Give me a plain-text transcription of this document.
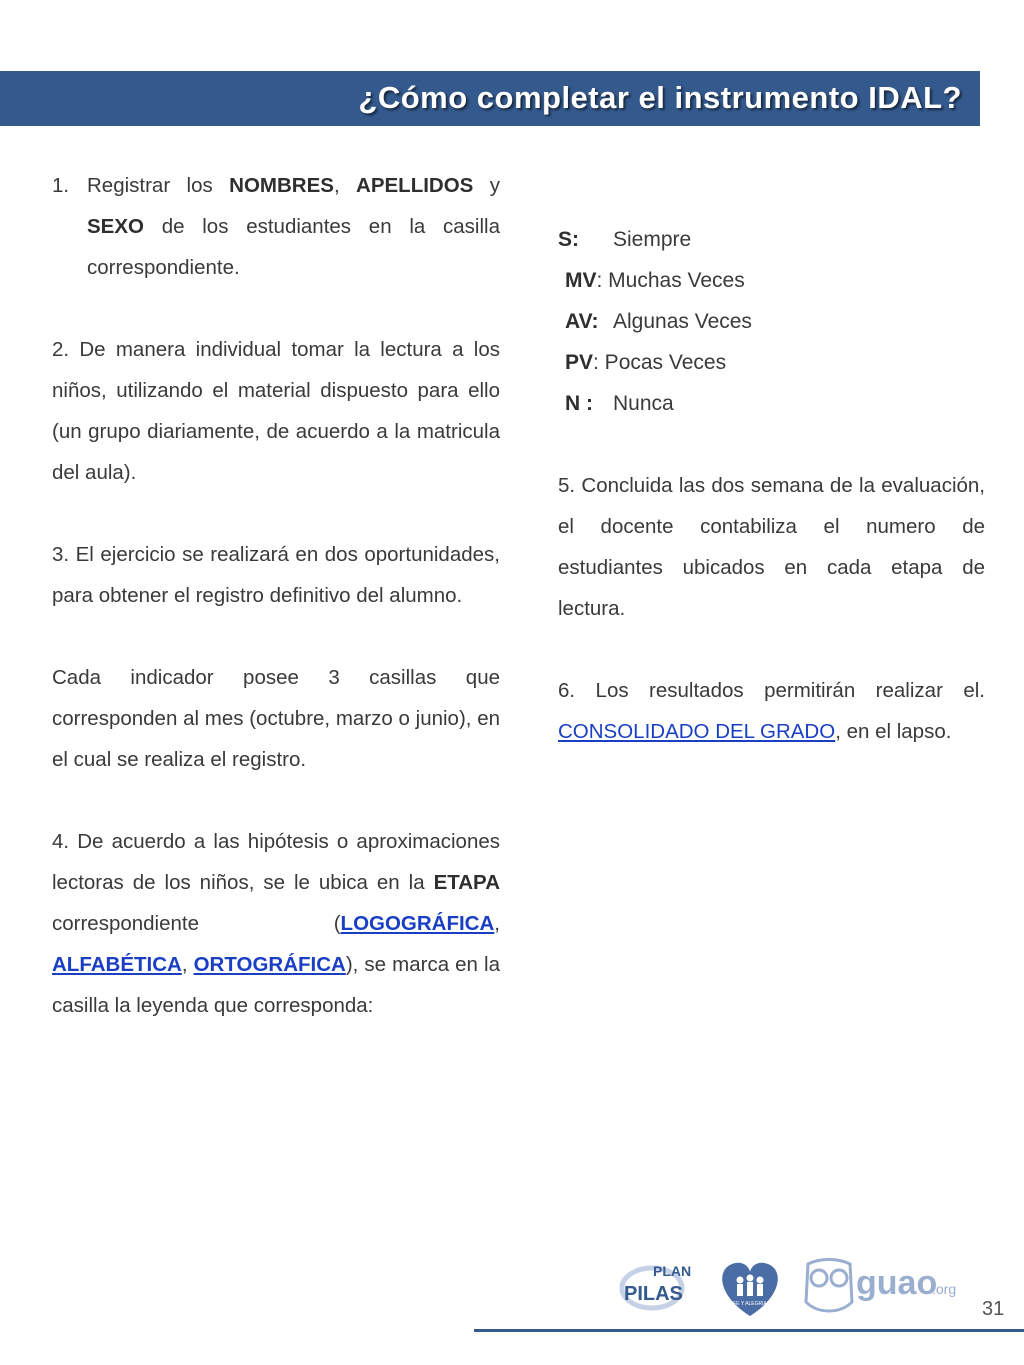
¿Cómo completar el instrumento IDAL?
1. Registrar los NOMBRES, APELLIDOS y SEXO de los estudiantes en la casilla correspondiente.

2. De manera individual tomar la lectura a los niños, utilizando el material dispuesto para ello (un grupo diariamente, de acuerdo a la matricula del aula).

3. El ejercicio se realizará en dos oportunidades, para obtener el registro definitivo del alumno.

Cada indicador posee 3 casillas que corresponden al mes (octubre, marzo o junio), en el cual se realiza el registro.

4. De acuerdo a las hipótesis o aproximaciones lectoras de los niños, se le ubica en la ETAPA correspondiente (LOGOGRÁFICA, ALFABÉTICA, ORTOGRÁFICA), se marca en la casilla la leyenda que corresponda:

S: Siempre
MV: Muchas Veces
AV: Algunas Veces
PV: Pocas Veces
N : Nunca

5. Concluida las dos semana de la evaluación, el docente contabiliza el numero de estudiantes ubicados en cada etapa de lectura.

6. Los resultados permitirán realizar el. CONSOLIDADO DEL GRADO, en el lapso.

PLAN
PILAS	FE Y ALEGRIA
guao
.org
31
